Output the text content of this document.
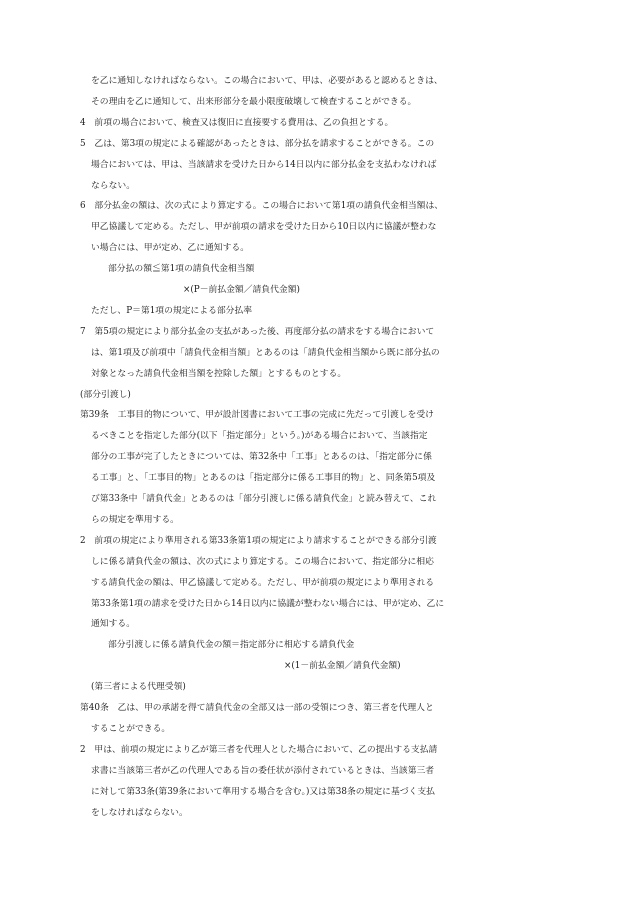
を乙に通知しなければならない。この場合において、甲は、必要があると認めるときは、
その理由を乙に通知して、出来形部分を最小限度破壊して検査することができる。
4　前項の場合において、検査又は復旧に直接要する費用は、乙の負担とする。
5　乙は、第3項の規定による確認があったときは、部分払を請求することができる。この
場合においては、甲は、当該請求を受けた日から14日以内に部分払金を支払わなければ
ならない。
6　部分払金の額は、次の式により算定する。この場合において第1項の請負代金相当額は、
甲乙協議して定める。ただし、甲が前項の請求を受けた日から10日以内に協議が整わな
い場合には、甲が定め、乙に通知する。
部分払の額≦第1項の請負代金相当額
×(P－前払金額／請負代金額)
ただし、P＝第1項の規定による部分払率
7　第5項の規定により部分払金の支払があった後、再度部分払の請求をする場合において
は、第1項及び前項中「請負代金相当額」とあるのは「請負代金相当額から既に部分払の
対象となった請負代金相当額を控除した額」とするものとする。
(部分引渡し)
第39条　工事目的物について、甲が設計図書において工事の完成に先だって引渡しを受け
るべきことを指定した部分(以下「指定部分」という。)がある場合において、当該指定
部分の工事が完了したときについては、第32条中「工事」とあるのは、「指定部分に係
る工事」と、「工事目的物」とあるのは「指定部分に係る工事目的物」と、同条第5項及
び第33条中「請負代金」とあるのは「部分引渡しに係る請負代金」と読み替えて、これ
らの規定を準用する。
2　前項の規定により準用される第33条第1項の規定により請求することができる部分引渡
しに係る請負代金の額は、次の式により算定する。この場合において、指定部分に相応
する請負代金の額は、甲乙協議して定める。ただし、甲が前項の規定により準用される
第33条第1項の請求を受けた日から14日以内に協議が整わない場合には、甲が定め、乙に
通知する。
部分引渡しに係る請負代金の額＝指定部分に相応する請負代金
×(1－前払金額／請負代金額)
(第三者による代理受領)
第40条　乙は、甲の承諾を得て請負代金の全部又は一部の受領につき、第三者を代理人と
することができる。
2　甲は、前項の規定により乙が第三者を代理人とした場合において、乙の提出する支払請
求書に当該第三者が乙の代理人である旨の委任状が添付されているときは、当該第三者
に対して第33条(第39条において準用する場合を含む。)又は第38条の規定に基づく支払
をしなければならない。
